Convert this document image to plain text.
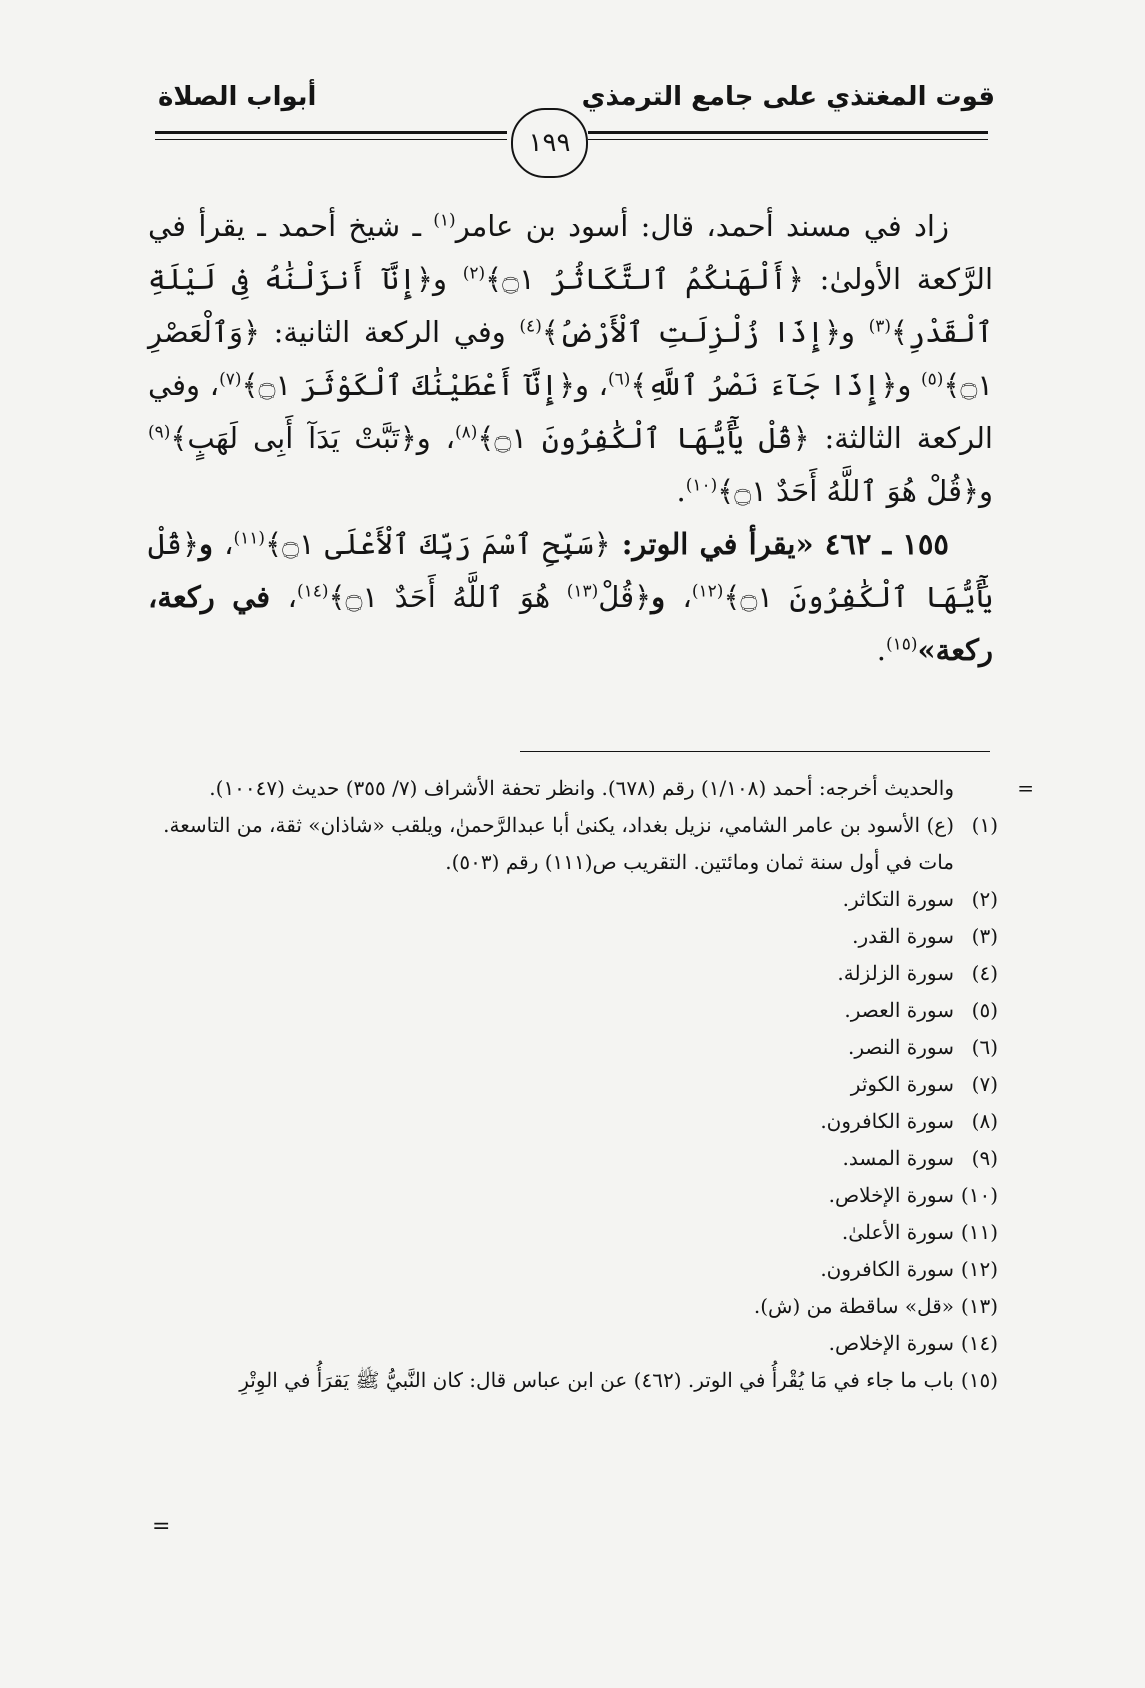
قوت المغتذي على جامع الترمذي
أبواب الصلاة
١٩٩

زاد في مسند أحمد، قال: أسود بن عامر$^{(١)}$ ـ شيخ أحمد ـ يقرأ في الرَّكعة الأولىٰ: ﴿أَلْهَىٰكُمُ ٱلتَّكَاثُرُ ۝١﴾$^{(٢)}$ و﴿إِنَّآ أَنزَلْنَٰهُ فِى لَيْلَةِ ٱلْقَدْرِ﴾$^{(٣)}$ و﴿إِذَا زُلْزِلَتِ ٱلْأَرْضُ﴾$^{(٤)}$ وفي الركعة الثانية: ﴿وَٱلْعَصْرِ ۝١﴾$^{(٥)}$ و﴿إِذَا جَآءَ نَصْرُ ٱللَّهِ﴾$^{(٦)}$، و﴿إِنَّآ أَعْطَيْنَٰكَ ٱلْكَوْثَرَ ۝١﴾$^{(٧)}$، وفي الركعة الثالثة: ﴿قُلْ يَٰٓأَيُّهَا ٱلْكَٰفِرُونَ ۝١﴾$^{(٨)}$، و﴿تَبَّتْ يَدَآ أَبِى لَهَبٍ﴾$^{(٩)}$ و﴿قُلْ هُوَ ٱللَّهُ أَحَدٌ ۝١﴾$^{(١٠)}$.

١٥٥ ـ ٤٦٢ «يقرأ في الوتر: ﴿سَبِّحِ ٱسْمَ رَبِّكَ ٱلْأَعْلَى ۝١﴾$^{(١١)}$، و﴿قُلْ يَٰٓأَيُّهَا ٱلْكَٰفِرُونَ ۝١﴾$^{(١٢)}$، و﴿قُلْ$^{(١٣)}$ هُوَ ٱللَّهُ أَحَدٌ ۝١﴾$^{(١٤)}$، في ركعة، ركعة»$^{(١٥)}$.

=
والحديث أخرجه: أحمد (١/١٠٨) رقم (٦٧٨). وانظر تحفة الأشراف (٧/ ٣٥٥) حديث (١٠٠٤٧).
(١)
(ع) الأسود بن عامر الشامي، نزيل بغداد، يكنىٰ أبا عبدالرَّحمنٰ، ويلقب «شاذان» ثقة، من التاسعة. مات في أول سنة ثمان ومائتين. التقريب ص(١١١) رقم (٥٠٣).
(٢)
سورة التكاثر.
(٣)
سورة القدر.
(٤)
سورة الزلزلة.
(٥)
سورة العصر.
(٦)
سورة النصر.
(٧)
سورة الكوثر
(٨)
سورة الكافرون.
(٩)
سورة المسد.
(١٠)
سورة الإخلاص.
(١١)
سورة الأعلىٰ.
(١٢)
سورة الكافرون.
(١٣)
«قل» ساقطة من (ش).
(١٤)
سورة الإخلاص.
(١٥)
باب ما جاء في مَا يُقْرأُ في الوتر. (٤٦٢) عن ابن عباس قال: كان النَّبيُّ ﷺ يَقرَأُ في الوِتْرِ
=
